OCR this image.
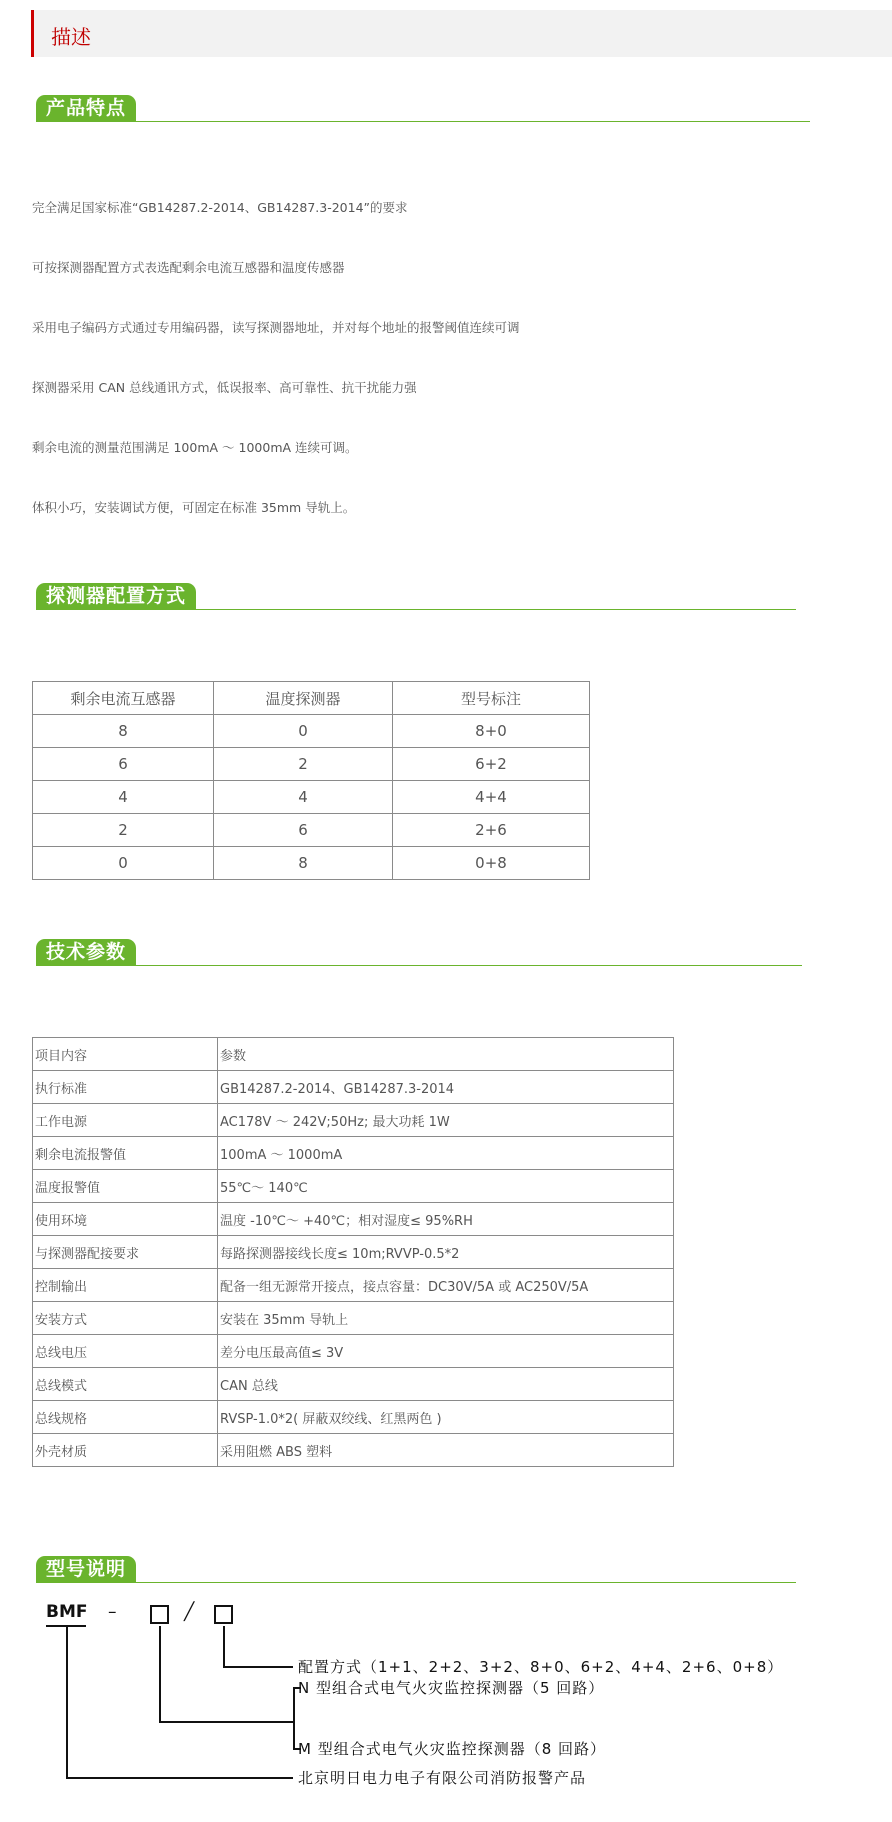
描述
产品特点
完全满足国家标准“GB14287.2-2014、GB14287.3-2014”的要求
可按探测器配置方式表选配剩余电流互感器和温度传感器
采用电子编码方式通过专用编码器，读写探测器地址，并对每个地址的报警阈值连续可调
探测器采用 CAN 总线通讯方式，低误报率、高可靠性、抗干扰能力强
剩余电流的测量范围满足 100mA ～ 1000mA 连续可调。
体积小巧，安装调试方便，可固定在标准 35mm 导轨上。
探测器配置方式
剩余电流互感器	温度探测器	型号标注
8	0	8+0
6	2	6+2
4	4	4+4
2	6	2+6
0	8	0+8
技术参数
项目内容	参数
执行标准	GB14287.2-2014、GB14287.3-2014
工作电源	AC178V ～ 242V;50Hz; 最大功耗 1W
剩余电流报警值	100mA ～ 1000mA
温度报警值	55℃～ 140℃
使用环境	温度 -10℃～ +40℃；相对湿度≤ 95%RH
与探测器配接要求	每路探测器接线长度≤ 10m;RVVP-0.5*2
控制输出	配备一组无源常开接点，接点容量：DC30V/5A 或 AC250V/5A
安装方式	安装在 35mm 导轨上
总线电压	差分电压最高值≤ 3V
总线模式	CAN 总线
总线规格	RVSP-1.0*2( 屏蔽双绞线、红黑两色 )
外壳材质	采用阻燃 ABS 塑料
型号说明
BMF –	╱
配置方式（1+1、2+2、3+2、8+0、6+2、4+4、2+6、0+8）
N 型组合式电气火灾监控探测器（5 回路）
M 型组合式电气火灾监控探测器（8 回路）
北京明日电力电子有限公司消防报警产品
